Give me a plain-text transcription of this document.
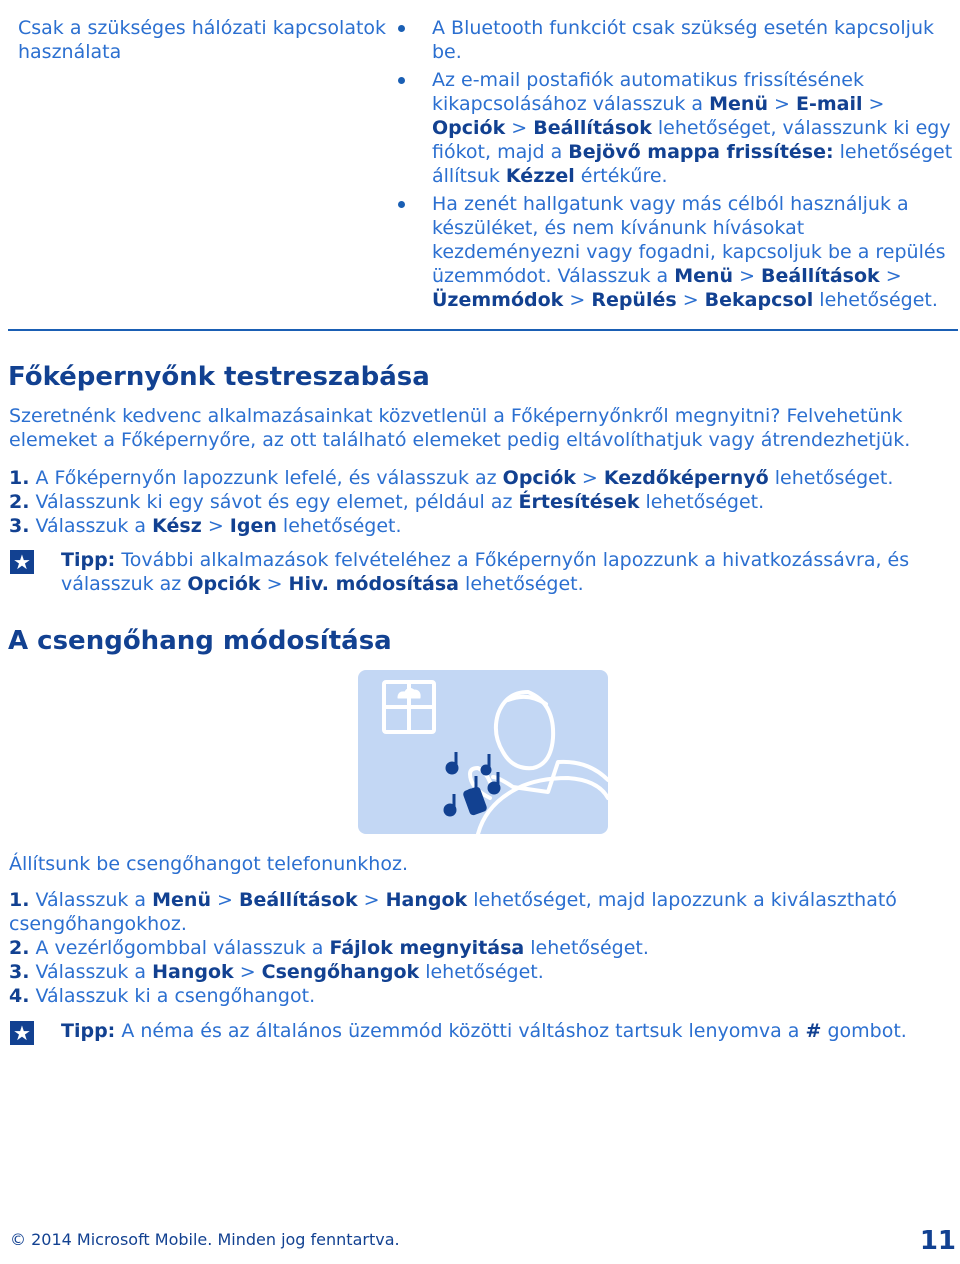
Csak a szükséges hálózati kapcsolatok használata
A Bluetooth funkciót csak szükség esetén kapcsoljuk be.
Az e-mail postafiók automatikus frissítésének kikapcsolásához válasszuk a Menü > E-mail > Opciók > Beállítások lehetőséget, válasszunk ki egy fiókot, majd a Bejövő mappa frissítése: lehetőséget állítsuk Kézzel értékűre.
Ha zenét hallgatunk vagy más célból használjuk a készüléket, és nem kívánunk hívásokat kezdeményezni vagy fogadni, kapcsoljuk be a repülés üzemmódot. Válasszuk a Menü > Beállítások > Üzemmódok > Repülés > Bekapcsol lehetőséget.
Főképernyőnk testreszabása
Szeretnénk kedvenc alkalmazásainkat közvetlenül a Főképernyőnkről megnyitni? Felvehetünk elemeket a Főképernyőre, az ott található elemeket pedig eltávolíthatjuk vagy átrendezhetjük.
1. A Főképernyőn lapozzunk lefelé, és válasszuk az Opciók > Kezdőképernyő lehetőséget.
2. Válasszunk ki egy sávot és egy elemet, például az Értesítések lehetőséget.
3. Válasszuk a Kész > Igen lehetőséget.
★ Tipp: További alkalmazások felvételéhez a Főképernyőn lapozzunk a hivatkozássávra, és válasszuk az Opciók > Hiv. módosítása lehetőséget.
A csengőhang módosítása
Állítsunk be csengőhangot telefonunkhoz.
1. Válasszuk a Menü > Beállítások > Hangok lehetőséget, majd lapozzunk a kiválasztható csengőhangokhoz.
2. A vezérlőgombbal válasszuk a Fájlok megnyitása lehetőséget.
3. Válasszuk a Hangok > Csengőhangok lehetőséget.
4. Válasszuk ki a csengőhangot.
★ Tipp: A néma és az általános üzemmód közötti váltáshoz tartsuk lenyomva a # gombot.
© 2014 Microsoft Mobile. Minden jog fenntartva.	11
